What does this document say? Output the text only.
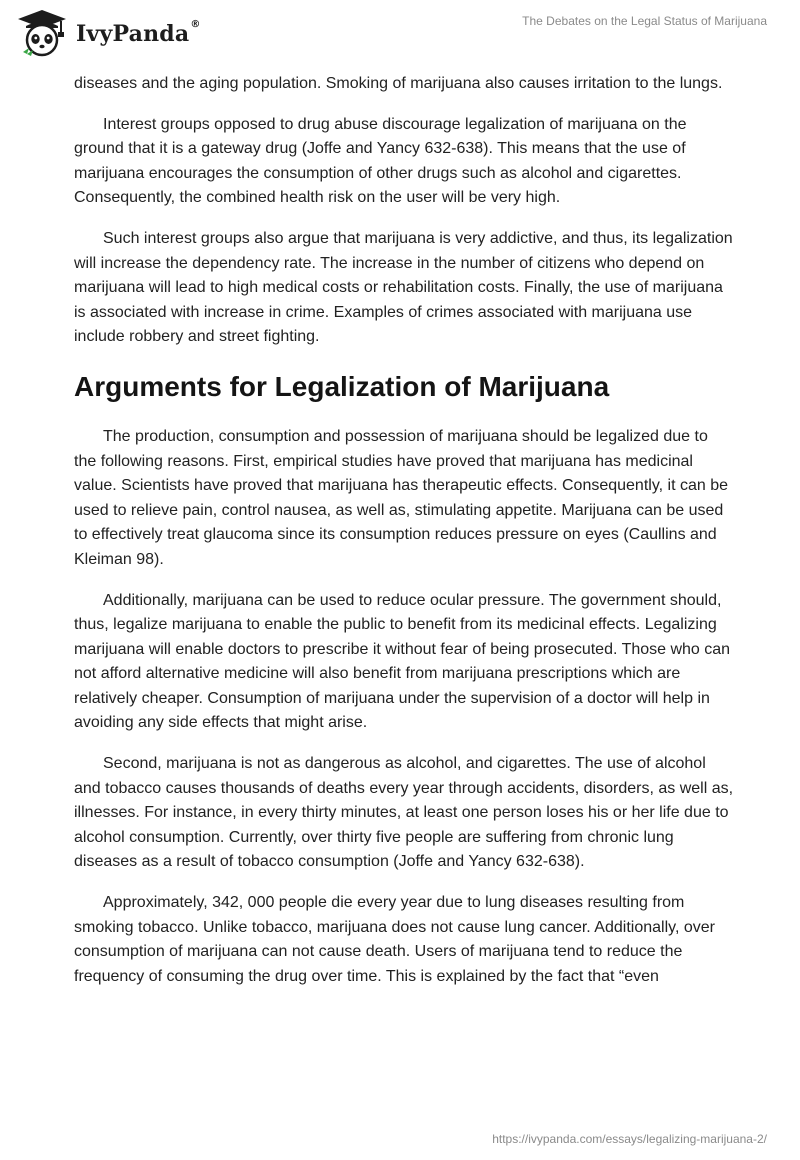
IvyPanda®	The Debates on the Legal Status of Marijuana

diseases and the aging population. Smoking of marijuana also causes irritation to the lungs.

Interest groups opposed to drug abuse discourage legalization of marijuana on the ground that it is a gateway drug (Joffe and Yancy 632-638). This means that the use of marijuana encourages the consumption of other drugs such as alcohol and cigarettes. Consequently, the combined health risk on the user will be very high.

Such interest groups also argue that marijuana is very addictive, and thus, its legalization will increase the dependency rate. The increase in the number of citizens who depend on marijuana will lead to high medical costs or rehabilitation costs. Finally, the use of marijuana is associated with increase in crime. Examples of crimes associated with marijuana use include robbery and street fighting.

Arguments for Legalization of Marijuana

The production, consumption and possession of marijuana should be legalized due to the following reasons. First, empirical studies have proved that marijuana has medicinal value. Scientists have proved that marijuana has therapeutic effects. Consequently, it can be used to relieve pain, control nausea, as well as, stimulating appetite. Marijuana can be used to effectively treat glaucoma since its consumption reduces pressure on eyes (Caullins and Kleiman 98).

Additionally, marijuana can be used to reduce ocular pressure. The government should, thus, legalize marijuana to enable the public to benefit from its medicinal effects. Legalizing marijuana will enable doctors to prescribe it without fear of being prosecuted. Those who can not afford alternative medicine will also benefit from marijuana prescriptions which are relatively cheaper. Consumption of marijuana under the supervision of a doctor will help in avoiding any side effects that might arise.

Second, marijuana is not as dangerous as alcohol, and cigarettes. The use of alcohol and tobacco causes thousands of deaths every year through accidents, disorders, as well as, illnesses. For instance, in every thirty minutes, at least one person loses his or her life due to alcohol consumption. Currently, over thirty five people are suffering from chronic lung diseases as a result of tobacco consumption (Joffe and Yancy 632-638).

Approximately, 342, 000 people die every year due to lung diseases resulting from smoking tobacco. Unlike tobacco, marijuana does not cause lung cancer. Additionally, over consumption of marijuana can not cause death. Users of marijuana tend to reduce the frequency of consuming the drug over time. This is explained by the fact that “even

https://ivypanda.com/essays/legalizing-marijuana-2/
